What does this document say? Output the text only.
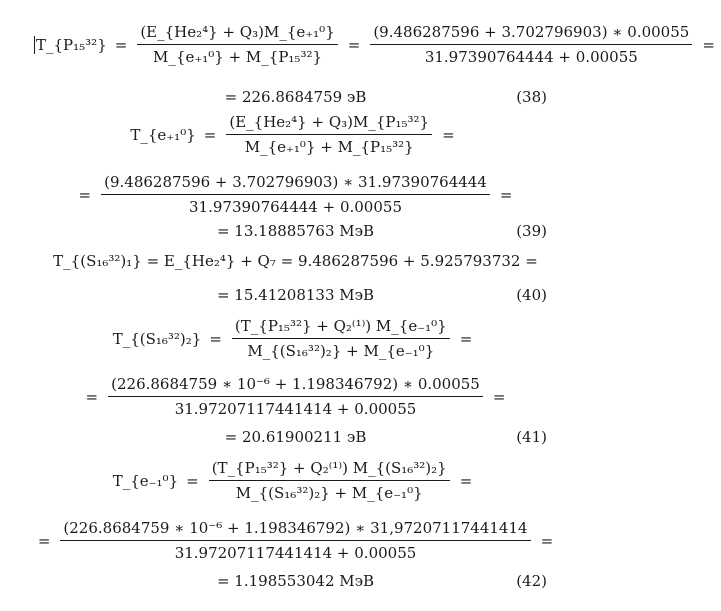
T_{P₁₅³²} = $\frac{\text{(E\_\{He₂⁴\} + Q₃)M\_\{e₊₁⁰\}}}{\text{M\_\{e₊₁⁰\} + M\_\{P₁₅³²\}}} = \frac{(9.486287596 + 3.702796903) ∗ 0.00055}{31.97390764444 + 0.00055}$ =
= 226.8684759 эВ	(38)
T_{e₊₁⁰} = $\frac{\text{(E\_\{He₂⁴\} + Q₃)M\_\{P₁₅³²\}}}{\text{M\_\{e₊₁⁰\} + M\_\{P₁₅³²\}}}$ =
= $\frac{(9.486287596 + 3.702796903) ∗ 31.97390764444}{31.97390764444 + 0.00055}$ =
= 13.18885763 МэВ	(39)
T_{(S₁₆³²)₁} = E_{He₂⁴} + Q₇ = 9.486287596 + 5.925793732 =
= 15.41208133 МэВ	(40)
T_{(S₁₆³²)₂} = $\frac{\text{(T\_\{P₁₅³²\} + Q₂⁽¹⁾) M\_\{e₋₁⁰\}}}{\text{M\_\{(S₁₆³²)₂\} + M\_\{e₋₁⁰\}}}$ =
= $\frac{\text{(226.8684759 ∗ 10⁻⁶ + 1.198346792) ∗ 0.00055}}{31.97207117441414 + 0.00055}$ =
= 20.61900211 эВ	(41)
T_{e₋₁⁰} = $\frac{\text{(T\_\{P₁₅³²\} + Q₂⁽¹⁾) M\_\{(S₁₆³²)₂\}}}{\text{M\_\{(S₁₆³²)₂\} + M\_\{e₋₁⁰\}}}$ =
= $\frac{\text{(226.8684759 ∗ 10⁻⁶ + 1.198346792) ∗ 31,97207117441414}}{31.97207117441414 + 0.00055}$ =
= 1.198553042 МэВ	(42)
